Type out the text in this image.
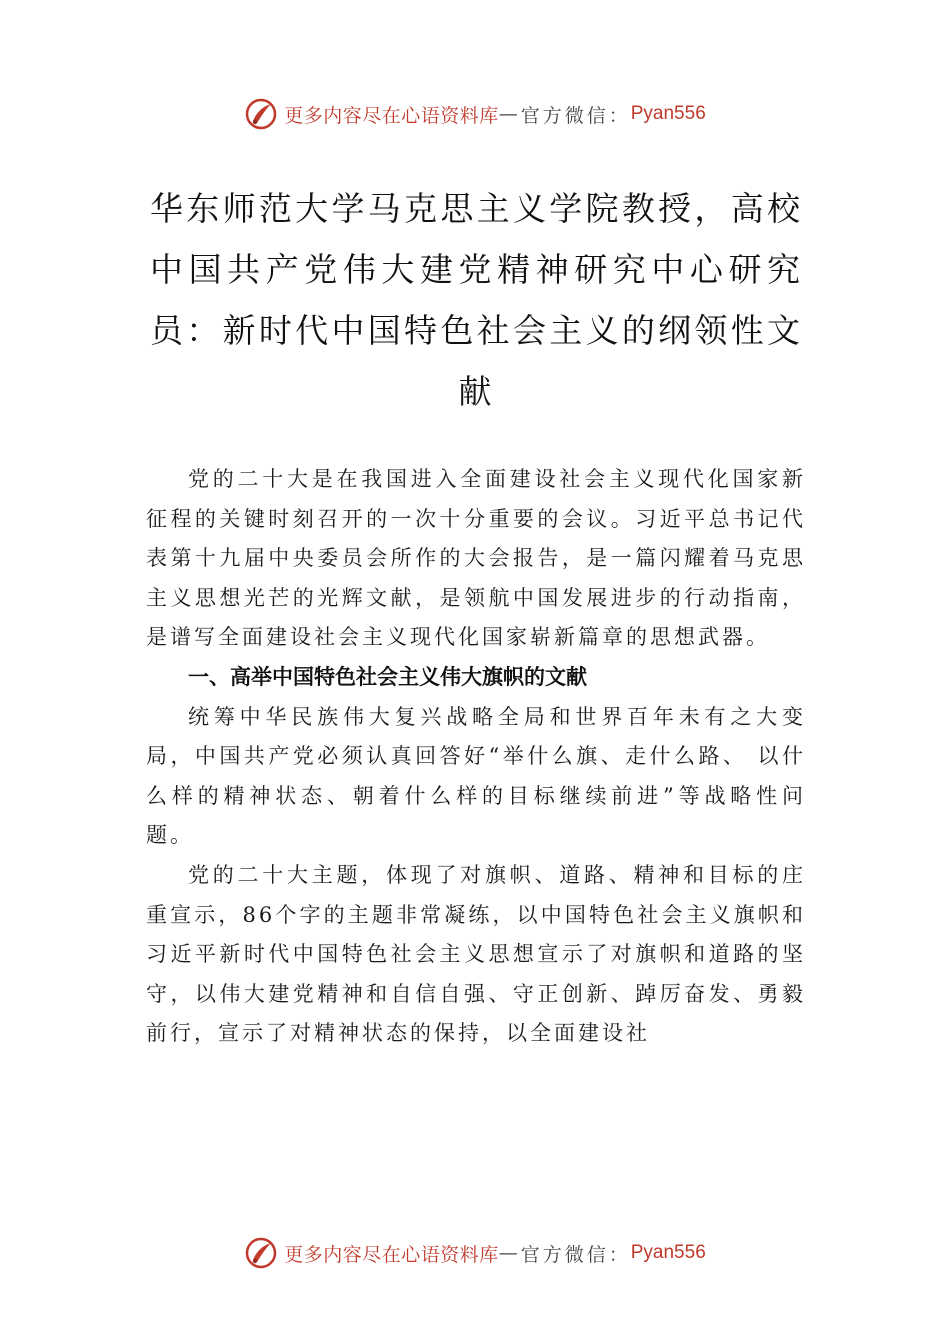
更多内容尽在心语资料库 — 官方微信： Pyan556
华东师范大学马克思主义学院教授，高校
中国共产党伟大建党精神研究中心研究
员：新时代中国特色社会主义的纲领性文
献

党的二十大是在我国进入全面建设社会主义现代化国家新征程的关键时刻召开的一次十分重要的会议。习近平总书记代表第十九届中央委员会所作的大会报告，是一篇闪耀着马克思主义思想光芒的光辉文献，是领航中国发展进步的行动指南，是谱写全面建设社会主义现代化国家崭新篇章的思想武器。

一、高举中国特色社会主义伟大旗帜的文献

统筹中华民族伟大复兴战略全局和世界百年未有之大变局，中国共产党必须认真回答好“举什么旗、走什么路、 以什么样的精神状态、朝着什么样的目标继续前进”等战略性问题。

党的二十大主题，体现了对旗帜、道路、精神和目标的庄重宣示，86个字的主题非常凝练，以中国特色社会主义旗帜和习近平新时代中国特色社会主义思想宣示了对旗帜和道路的坚守，以伟大建党精神和自信自强、守正创新、踔厉奋发、勇毅前行，宣示了对精神状态的保持，以全面建设社

更多内容尽在心语资料库 — 官方微信： Pyan556
